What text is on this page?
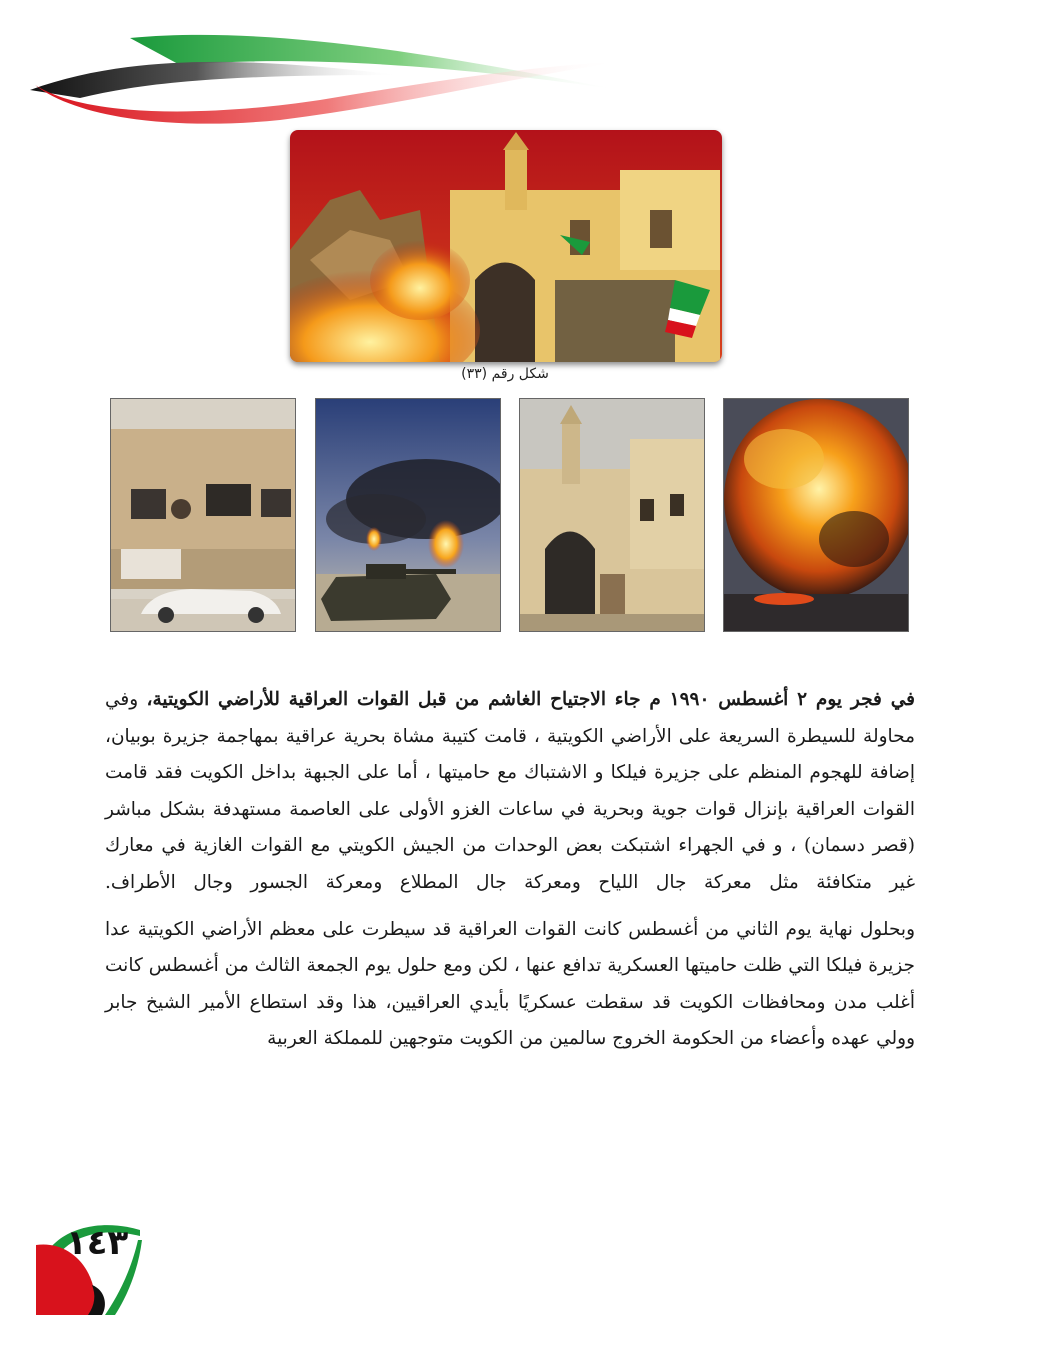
شكل رقم (٣٣)

في فجر يوم ٢ أغسطس ١٩٩٠ م جاء الاجتياح الغاشم من قبل القوات العراقية للأراضي الكويتية، وفي محاولة للسيطرة السريعة على الأراضي الكويتية ، قامت كتيبة مشاة بحرية عراقية بمهاجمة جزيرة بوبيان، إضافة للهجوم المنظم على جزيرة فيلكا و الاشتباك مع حاميتها ، أما على الجبهة بداخل الكويت فقد قامت القوات العراقية بإنزال قوات جوية وبحرية في ساعات الغزو الأولى على العاصمة مستهدفة بشكل مباشر (قصر دسمان) ، و في الجهراء اشتبكت بعض الوحدات من الجيش الكويتي مع القوات الغازية في معارك غير متكافئة مثل معركة جال اللياح ومعركة جال المطلاع ومعركة الجسور وجال الأطراف.

وبحلول نهاية يوم الثاني من أغسطس كانت القوات العراقية قد سيطرت على معظم الأراضي الكويتية عدا جزيرة فيلكا التي ظلت حاميتها العسكرية تدافع عنها ، لكن ومع حلول يوم الجمعة الثالث من أغسطس كانت أغلب مدن ومحافظات الكويت قد سقطت عسكريًا بأيدي العراقيين، هذا وقد استطاع الأمير الشيخ جابر وولي عهده وأعضاء من الحكومة الخروج سالمين من الكويت متوجهين للمملكة العربية

١٤٣
